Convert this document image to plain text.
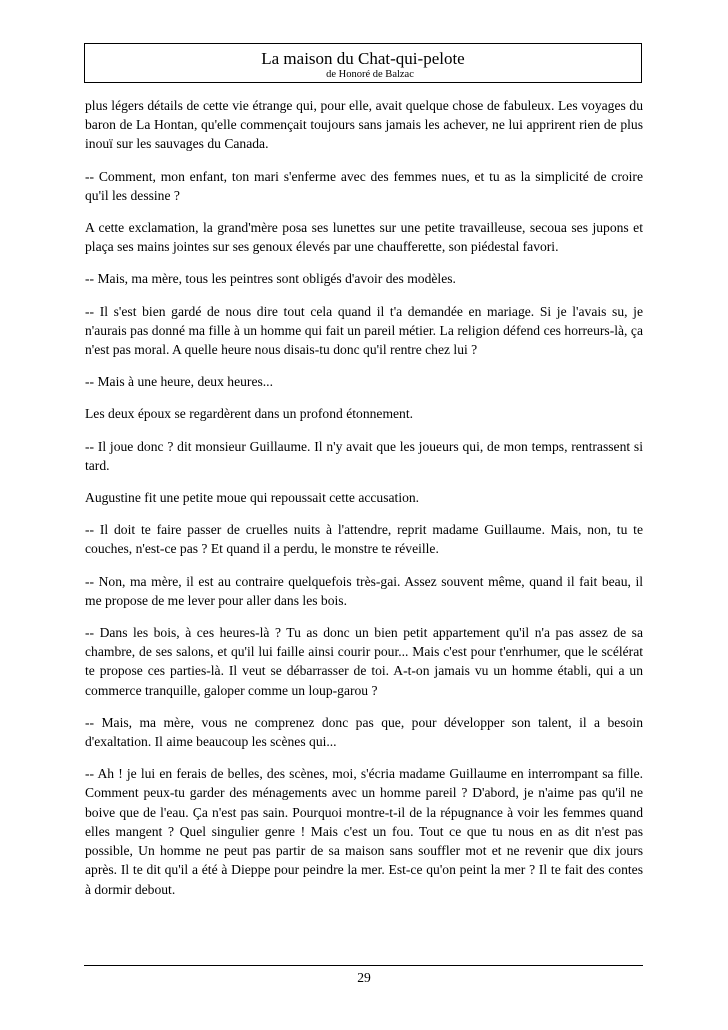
La maison du Chat-qui-pelote
de Honoré de Balzac

plus légers détails de cette vie étrange qui, pour elle, avait quelque chose de fabuleux. Les voyages du baron de La Hontan, qu'elle commençait toujours sans jamais les achever, ne lui apprirent rien de plus inouï sur les sauvages du Canada.

-- Comment, mon enfant, ton mari s'enferme avec des femmes nues, et tu as la simplicité de croire qu'il les dessine ?

A cette exclamation, la grand'mère posa ses lunettes sur une petite travailleuse, secoua ses jupons et plaça ses mains jointes sur ses genoux élevés par une chaufferette, son piédestal favori.

-- Mais, ma mère, tous les peintres sont obligés d'avoir des modèles.

-- Il s'est bien gardé de nous dire tout cela quand il t'a demandée en mariage. Si je l'avais su, je n'aurais pas donné ma fille à un homme qui fait un pareil métier. La religion défend ces horreurs-là, ça n'est pas moral. A quelle heure nous disais-tu donc qu'il rentre chez lui ?

-- Mais à une heure, deux heures...

Les deux époux se regardèrent dans un profond étonnement.

-- Il joue donc ? dit monsieur Guillaume. Il n'y avait que les joueurs qui, de mon temps, rentrassent si tard.

Augustine fit une petite moue qui repoussait cette accusation.

-- Il doit te faire passer de cruelles nuits à l'attendre, reprit madame Guillaume. Mais, non, tu te couches, n'est-ce pas ? Et quand il a perdu, le monstre te réveille.

-- Non, ma mère, il est au contraire quelquefois très-gai. Assez souvent même, quand il fait beau, il me propose de me lever pour aller dans les bois.

-- Dans les bois, à ces heures-là ? Tu as donc un bien petit appartement qu'il n'a pas assez de sa chambre, de ses salons, et qu'il lui faille ainsi courir pour... Mais c'est pour t'enrhumer, que le scélérat te propose ces parties-là. Il veut se débarrasser de toi. A-t-on jamais vu un homme établi, qui a un commerce tranquille, galoper comme un loup-garou ?

-- Mais, ma mère, vous ne comprenez donc pas que, pour développer son talent, il a besoin d'exaltation. Il aime beaucoup les scènes qui...

-- Ah ! je lui en ferais de belles, des scènes, moi, s'écria madame Guillaume en interrompant sa fille. Comment peux-tu garder des ménagements avec un homme pareil ? D'abord, je n'aime pas qu'il ne boive que de l'eau. Ça n'est pas sain. Pourquoi montre-t-il de la répugnance à voir les femmes quand elles mangent ? Quel singulier genre ! Mais c'est un fou. Tout ce que tu nous en as dit n'est pas possible, Un homme ne peut pas partir de sa maison sans souffler mot et ne revenir que dix jours après. Il te dit qu'il a été à Dieppe pour peindre la mer. Est-ce qu'on peint la mer ? Il te fait des contes à dormir debout.

29
